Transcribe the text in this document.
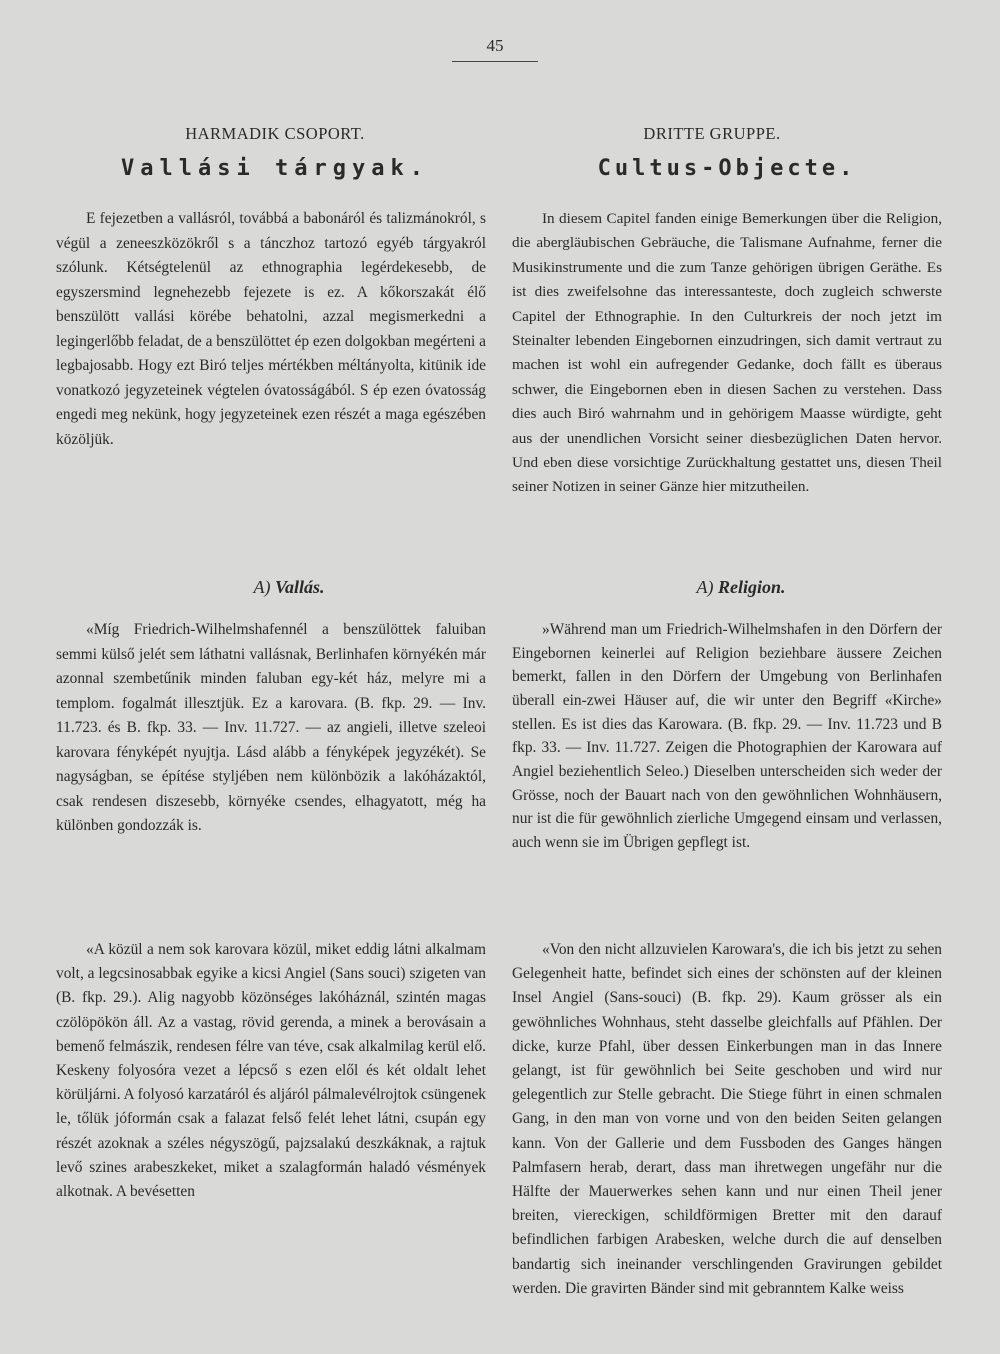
45
HARMADIK CSOPORT.
Vallási tárgyak.

E fejezetben a vallásról, továbbá a babonáról és talizmánokról, s végül a zeneeszközökről s a tánczhoz tartozó egyéb tárgyakról szólunk. Kétségtelenül az ethnographia legérdekesebb, de egyszersmind legnehezebb fejezete is ez. A kőkorszakát élő benszülött vallási körébe behatolni, azzal megismerkedni a legingerlőbb feladat, de a benszülöttet ép ezen dolgokban megérteni a legbajosabb. Hogy ezt Biró teljes mértékben méltányolta, kitünik ide vonatkozó jegyzeteinek végtelen óvatosságából. S ép ezen óvatosság engedi meg nekünk, hogy jegyzeteinek ezen részét a maga egészében közöljük.

A) Vallás.

«Míg Friedrich-Wilhelmshafennél a benszülöttek faluiban semmi külső jelét sem láthatni vallásnak, Berlinhafen környékén már azonnal szembetűnik minden faluban egy-két ház, melyre mi a templom. fogalmát illesztjük. Ez a karovara. (B. fkp. 29. — Inv. 11.723. és B. fkp. 33. — Inv. 11.727. — az angieli, illetve szeleoi karovara fényképét nyujtja. Lásd alább a fényképek jegyzékét). Se nagyságban, se építése styljében nem különbözik a lakóházaktól, csak rendesen diszesebb, környéke csendes, elhagyatott, még ha különben gondozzák is.

«A közül a nem sok karovara közül, miket eddig látni alkalmam volt, a legcsinosabbak egyike a kicsi Angiel (Sans souci) szigeten van (B. fkp. 29.). Alig nagyobb közönséges lakóháznál, szintén magas czölöpökön áll. Az a vastag, rövid gerenda, a minek a berovásain a bemenő felmászik, rendesen félre van téve, csak alkalmilag kerül elő. Keskeny folyosóra vezet a lépcső s ezen elől és két oldalt lehet körüljárni. A folyosó karzatáról és aljáról pálmalevélrojtok csüngenek le, tőlük jóformán csak a falazat felső felét lehet látni, csupán egy részét azoknak a széles négyszögű, pajzsalakú deszkáknak, a rajtuk levő szines arabeszkeket, miket a szalagformán haladó vésmények alkotnak. A bevésetten

DRITTE GRUPPE.
Cultus-Objecte.

In diesem Capitel fanden einige Bemerkungen über die Religion, die abergläubischen Gebräuche, die Talismane Aufnahme, ferner die Musikinstrumente und die zum Tanze gehörigen übrigen Geräthe. Es ist dies zweifelsohne das interessanteste, doch zugleich schwerste Capitel der Ethnographie. In den Culturkreis der noch jetzt im Steinalter lebenden Eingebornen einzudringen, sich damit vertraut zu machen ist wohl ein aufregender Gedanke, doch fällt es überaus schwer, die Eingebornen eben in diesen Sachen zu verstehen. Dass dies auch Biró wahrnahm und in gehörigem Maasse würdigte, geht aus der unendlichen Vorsicht seiner diesbezüglichen Daten hervor. Und eben diese vorsichtige Zurückhaltung gestattet uns, diesen Theil seiner Notizen in seiner Gänze hier mitzutheilen.

A) Religion.

»Während man um Friedrich-Wilhelmshafen in den Dörfern der Eingebornen keinerlei auf Religion beziehbare äussere Zeichen bemerkt, fallen in den Dörfern der Umgebung von Berlinhafen überall ein-zwei Häuser auf, die wir unter den Begriff «Kirche» stellen. Es ist dies das Karowara. (B. fkp. 29. — Inv. 11.723 und B fkp. 33. — Inv. 11.727. Zeigen die Photographien der Karowara auf Angiel beziehentlich Seleo.) Dieselben unterscheiden sich weder der Grösse, noch der Bauart nach von den gewöhnlichen Wohnhäusern, nur ist die für gewöhnlich zierliche Umgegend einsam und verlassen, auch wenn sie im Übrigen gepflegt ist.

«Von den nicht allzuvielen Karowara's, die ich bis jetzt zu sehen Gelegenheit hatte, befindet sich eines der schönsten auf der kleinen Insel Angiel (Sans-souci) (B. fkp. 29). Kaum grösser als ein gewöhnliches Wohnhaus, steht dasselbe gleichfalls auf Pfählen. Der dicke, kurze Pfahl, über dessen Einkerbungen man in das Innere gelangt, ist für gewöhnlich bei Seite geschoben und wird nur gelegentlich zur Stelle gebracht. Die Stiege führt in einen schmalen Gang, in den man von vorne und von den beiden Seiten gelangen kann. Von der Gallerie und dem Fussboden des Ganges hängen Palmfasern herab, derart, dass man ihretwegen ungefähr nur die Hälfte der Mauerwerkes sehen kann und nur einen Theil jener breiten, viereckigen, schildförmigen Bretter mit den darauf befindlichen farbigen Arabesken, welche durch die auf denselben bandartig sich ineinander verschlingenden Gravirungen gebildet werden. Die gravirten Bänder sind mit gebranntem Kalke weiss
